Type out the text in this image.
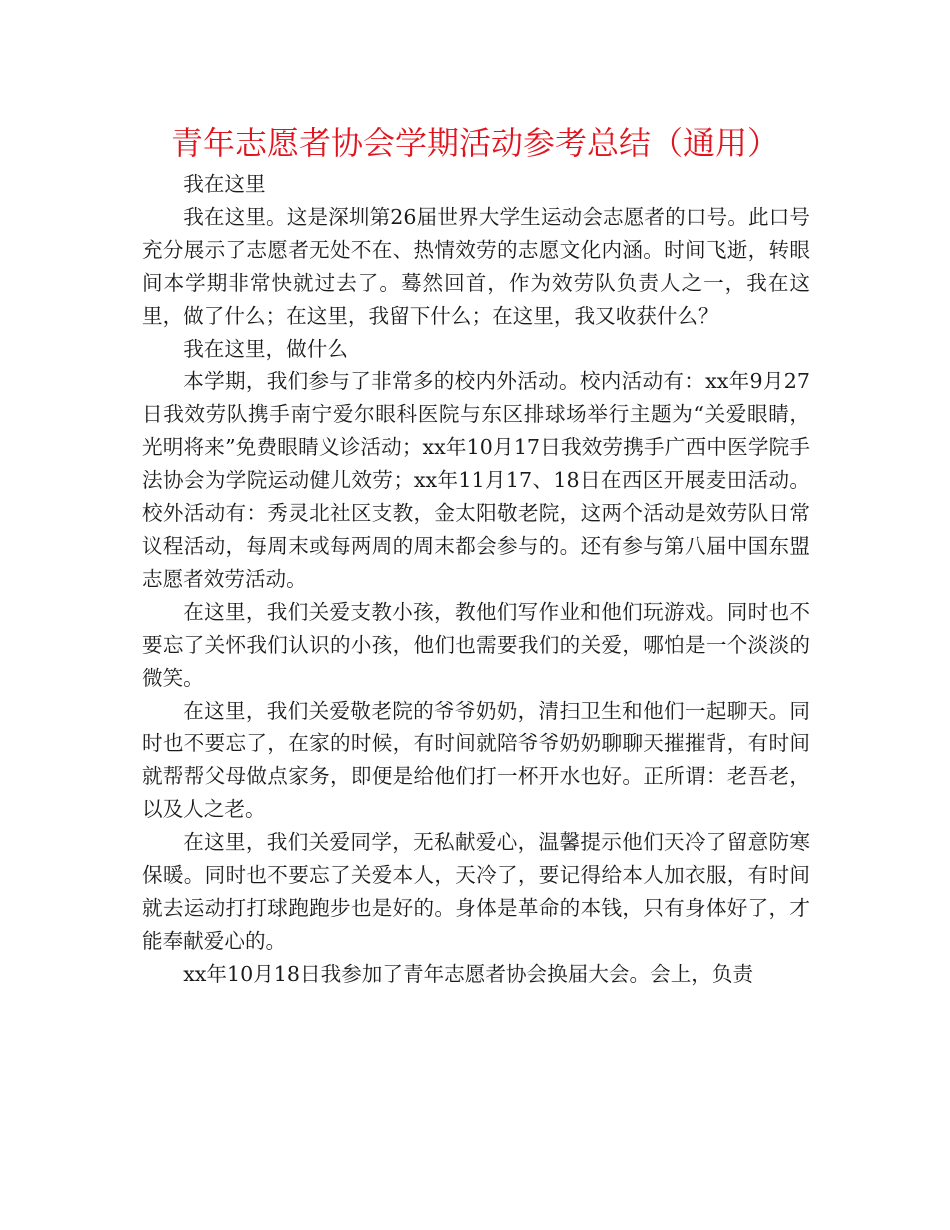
青年志愿者协会学期活动参考总结（通用）

我在这里

我在这里。这是深圳第26届世界大学生运动会志愿者的口号。此口号充分展示了志愿者无处不在、热情效劳的志愿文化内涵。时间飞逝，转眼间本学期非常快就过去了。蓦然回首，作为效劳队负责人之一，我在这里，做了什么；在这里，我留下什么；在这里，我又收获什么？

我在这里，做什么

本学期，我们参与了非常多的校内外活动。校内活动有：xx年9月27日我效劳队携手南宁爱尔眼科医院与东区排球场举行主题为“关爱眼睛，光明将来”免费眼睛义诊活动；xx年10月17日我效劳携手广西中医学院手法协会为学院运动健儿效劳；xx年11月17、18日在西区开展麦田活动。校外活动有：秀灵北社区支教，金太阳敬老院，这两个活动是效劳队日常议程活动，每周末或每两周的周末都会参与的。还有参与第八届中国东盟志愿者效劳活动。

在这里，我们关爱支教小孩，教他们写作业和他们玩游戏。同时也不要忘了关怀我们认识的小孩，他们也需要我们的关爱，哪怕是一个淡淡的微笑。

在这里，我们关爱敬老院的爷爷奶奶，清扫卫生和他们一起聊天。同时也不要忘了，在家的时候，有时间就陪爷爷奶奶聊聊天摧摧背，有时间就帮帮父母做点家务，即便是给他们打一杯开水也好。正所谓：老吾老，以及人之老。

在这里，我们关爱同学，无私献爱心，温馨提示他们天冷了留意防寒保暖。同时也不要忘了关爱本人，天冷了，要记得给本人加衣服，有时间就去运动打打球跑跑步也是好的。身体是革命的本钱，只有身体好了，才能奉献爱心的。

xx年10月18日我参加了青年志愿者协会换届大会。会上，负责
